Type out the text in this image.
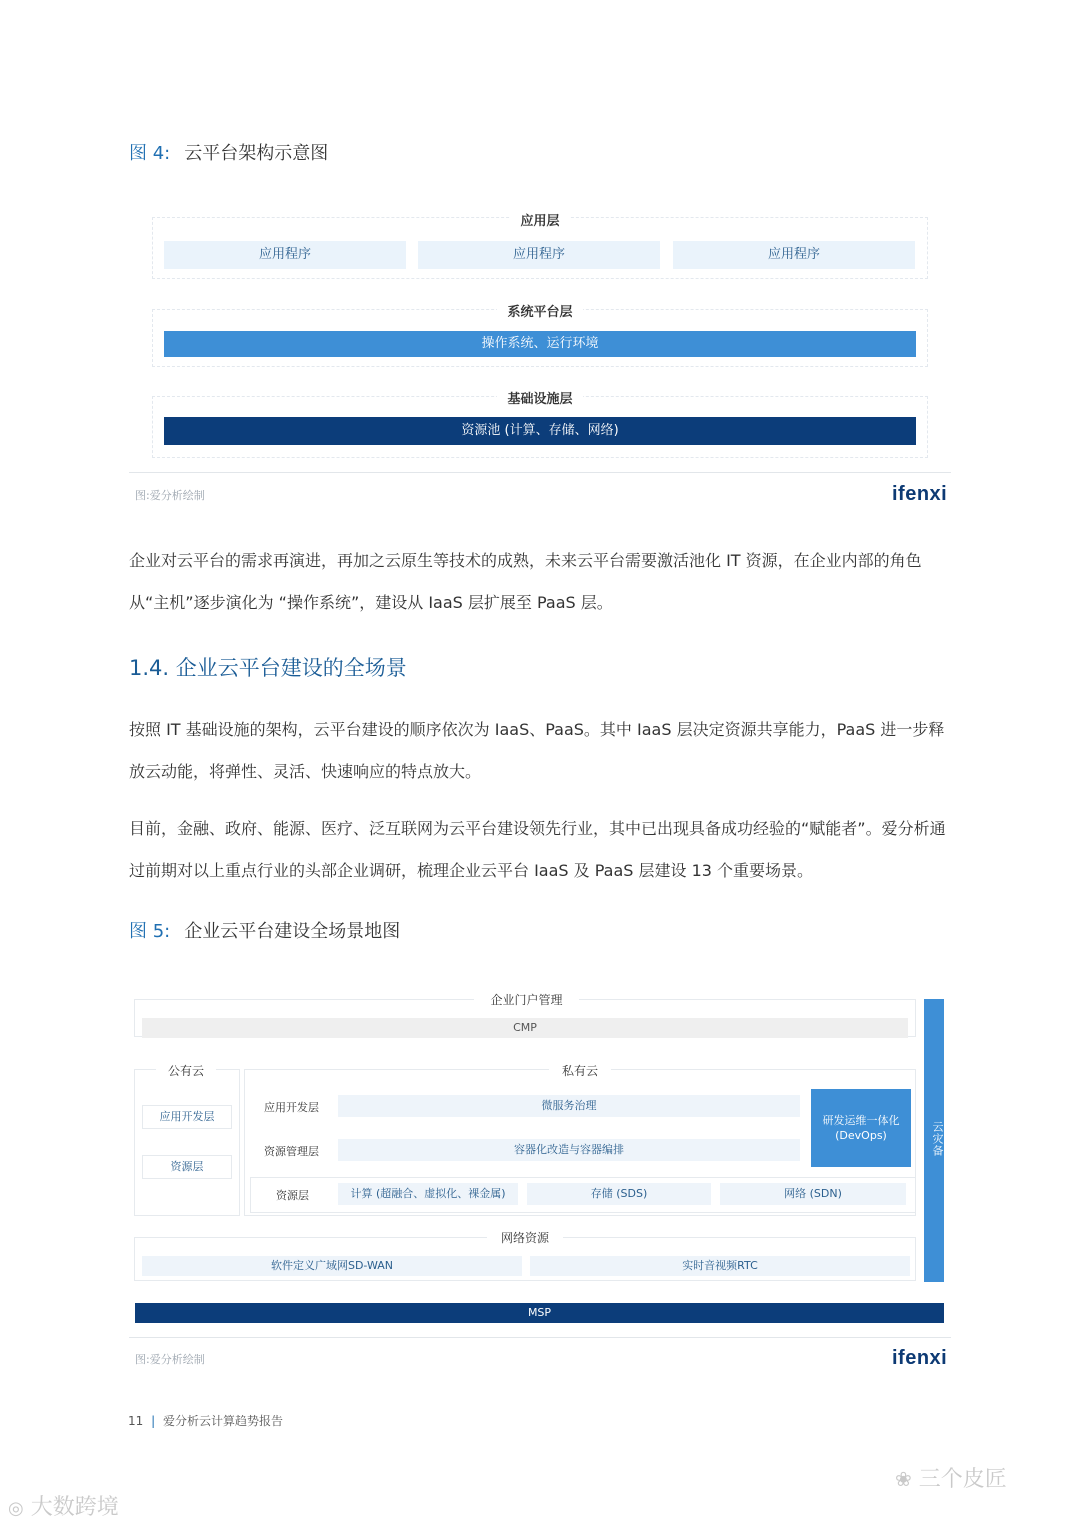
图 4: 云平台架构示意图
应用层
应用程序	应用程序	应用程序
系统平台层
操作系统、运行环境
基础设施层
资源池 (计算、存储、网络)
图:爱分析绘制	ifenxi
企业对云平台的需求再演进，再加之云原生等技术的成熟，未来云平台需要激活池化 IT 资源，在企业内部的角色从“主机”逐步演化为 “操作系统”，建设从 IaaS 层扩展至 PaaS 层。
1.4. 企业云平台建设的全场景
按照 IT 基础设施的架构，云平台建设的顺序依次为 IaaS、PaaS。其中 IaaS 层决定资源共享能力，PaaS 进一步释放云动能，将弹性、灵活、快速响应的特点放大。
目前，金融、政府、能源、医疗、泛互联网为云平台建设领先行业，其中已出现具备成功经验的“赋能者”。爱分析通过前期对以上重点行业的头部企业调研，梳理企业云平台 IaaS 及 PaaS 层建设 13 个重要场景。
图 5: 企业云平台建设全场景地图
企业门户管理
CMP
公有云
应用开发层
资源层
私有云
应用开发层	微服务治理
资源管理层	容器化改造与容器编排
资源层	计算 (超融合、虚拟化、裸金属)	存储 (SDS)	网络 (SDN)
研发运维一体化
(DevOps)
网络资源
软件定义广域网SD-WAN	实时音视频RTC
云灾备
MSP
图:爱分析绘制	ifenxi
11 | 爱分析云计算趋势报告
◎ 大数跨境
❀ 三个皮匠
